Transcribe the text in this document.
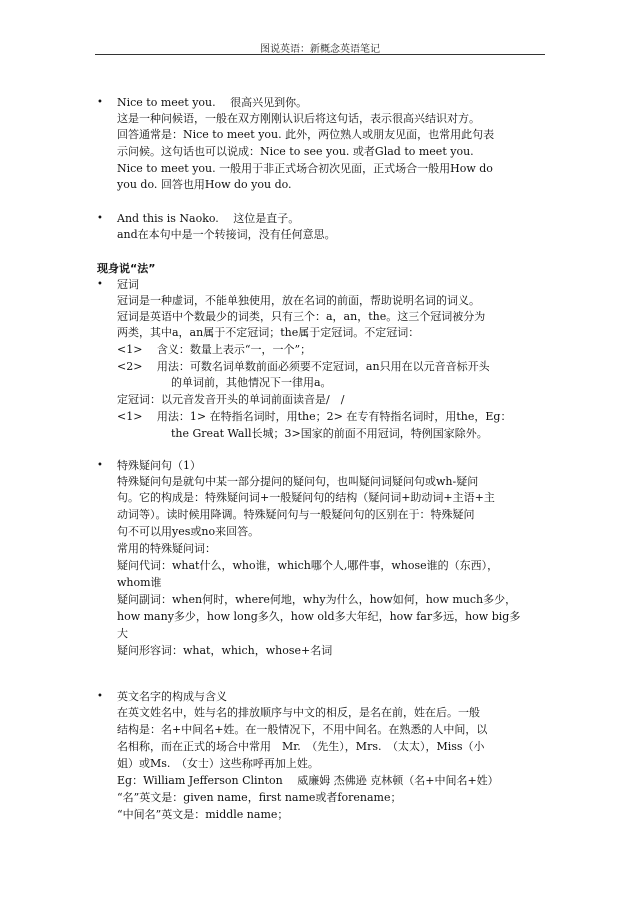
图说英语：新概念英语笔记
•
•
•
•
•
Nice to meet you.　 很高兴见到你。
这是一种问候语，一般在双方刚刚认识后将这句话，表示很高兴结识对方。
回答通常是：Nice to meet you. 此外，两位熟人或朋友见面，也常用此句表
示问候。这句话也可以说成：Nice to see you. 或者Glad to meet you.
Nice to meet you. 一般用于非正式场合初次见面，正式场合一般用How do
you do. 回答也用How do you do.
And this is Naoko.　 这位是直子。
and在本句中是一个转接词，没有任何意思。
现身说“法”
冠词
冠词是一种虚词，不能单独使用，放在名词的前面，帮助说明名词的词义。
冠词是英语中个数最少的词类，只有三个：a，an，the。这三个冠词被分为
两类，其中a，an属于不定冠词；the属于定冠词。不定冠词：
<1>　 含义：数量上表示“一，一个”；
<2>　 用法：可数名词单数前面必须要不定冠词，an只用在以元音音标开头
的单词前，其他情况下一律用a。
定冠词：以元音发音开头的单词前面读音是/　/
<1>　 用法：1> 在特指名词时，用the；2> 在专有特指名词时，用the，Eg：
the Great Wall长城；3>国家的前面不用冠词，特例国家除外。
特殊疑问句（1）
特殊疑问句是就句中某一部分提问的疑问句，也叫疑问词疑问句或wh-疑问
句。它的构成是：特殊疑问词+一般疑问句的结构（疑问词+助动词+主语+主
动词等）。读时候用降调。特殊疑问句与一般疑问句的区别在于：特殊疑问
句不可以用yes或no来回答。
常用的特殊疑问词：
疑问代词：what什么，who谁，which哪个人,哪件事，whose谁的（东西），
whom谁
疑问副词：when何时，where何地，why为什么，how如何，how much多少，
how many多少，how long多久，how old多大年纪，how far多远，how big多
大
疑问形容词：what，which，whose+名词
英文名字的构成与含义
在英文姓名中，姓与名的排放顺序与中文的相反，是名在前，姓在后。一般
结构是：名+中间名+姓。在一般情况下，不用中间名。在熟悉的人中间，以
名相称，而在正式的场合中常用　Mr.　（先生），Mrs.　（太太），Miss（小
姐）或Ms.　（女士）这些称呼再加上姓。
Eg：William Jefferson Clinton　 威廉姆 杰佛逊 克林顿（名+中间名+姓）
“名”英文是：given name，first name或者forename；
“中间名”英文是：middle name；
